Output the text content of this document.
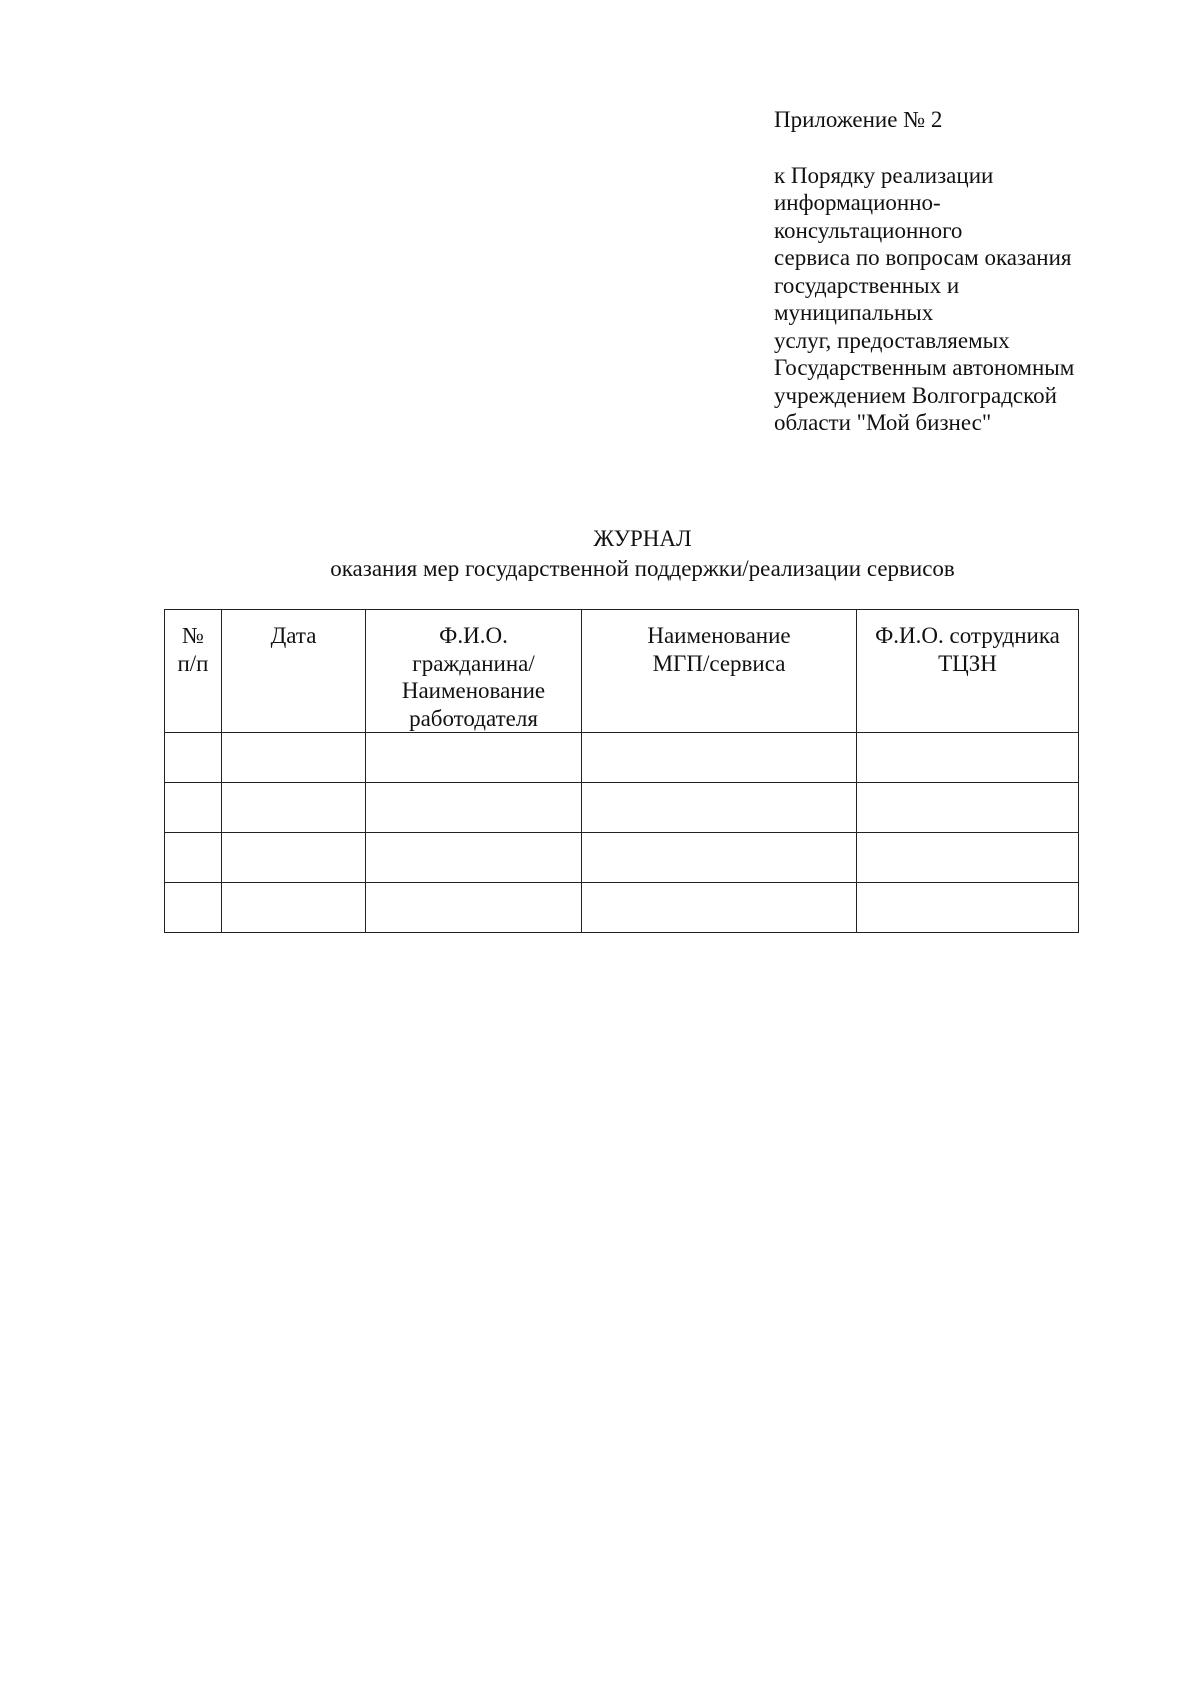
Приложение № 2
к Порядку реализации
информационно-
консультационного
сервиса по вопросам оказания
государственных и
муниципальных
услуг, предоставляемых
Государственным автономным
учреждением Волгоградской
области "Мой бизнес"
ЖУРНАЛ
оказания мер государственной поддержки/реализации сервисов
№
п/п	Дата	Ф.И.О.
гражданина/
Наименование
работодателя	Наименование
МГП/сервиса	Ф.И.О. сотрудника
ТЦЗН
